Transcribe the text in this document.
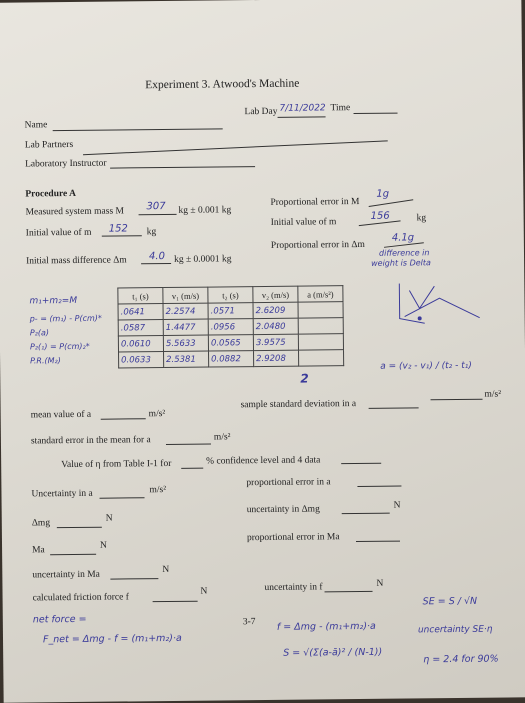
Experiment 3. Atwood's Machine
Name
Lab Day 7/11/2022 Time
Lab Partners
Laboratory Instructor
Procedure A
Measured system mass M 307 kg ± 0.001 kg
Initial value of m 152 kg
Initial mass difference Δm 4.0 kg ± 0.0001 kg
Proportional error in M
1g
Initial value of m
156	kg
Proportional error in Δm
4.1g
difference in
weight is Delta
m₁+m₂=M
p- = (m₁) - P(cm)*
P₂(a)
P₂(₁) = P(cm)₂*
P.R.(M₂)
t₁ (s)	v₁ (m/s)	t₂ (s)	v₂ (m/s)	a (m/s²)
.0641	2.2574	.0571	2.6209	
.0587	1.4477	.0956	2.0480	
0.0610	5.5633	0.0565	3.9575	
0.0633	2.5381	0.0882	2.9208	
2
a = (v₂ - v₁) / (t₂ - t₁)
m/s²
mean value of a	m/s²
sample standard deviation in a
standard error in the mean for a	m/s²
Value of η from Table I-1 for	% confidence level and 4 data
Uncertainty in a	m/s²
proportional error in a
uncertainty in Δmg	N
Δmg	N
proportional error in Ma
Ma	N
uncertainty in Ma	N
calculated friction force f
N	uncertainty in f	N
3-7
net force =
F_net = Δmg - f = (m₁+m₂)·a
f = Δmg - (m₁+m₂)·a
S = √(Σ(a-ā)² / (N-1))
SE = S / √N
uncertainty SE·η
η = 2.4 for 90%
